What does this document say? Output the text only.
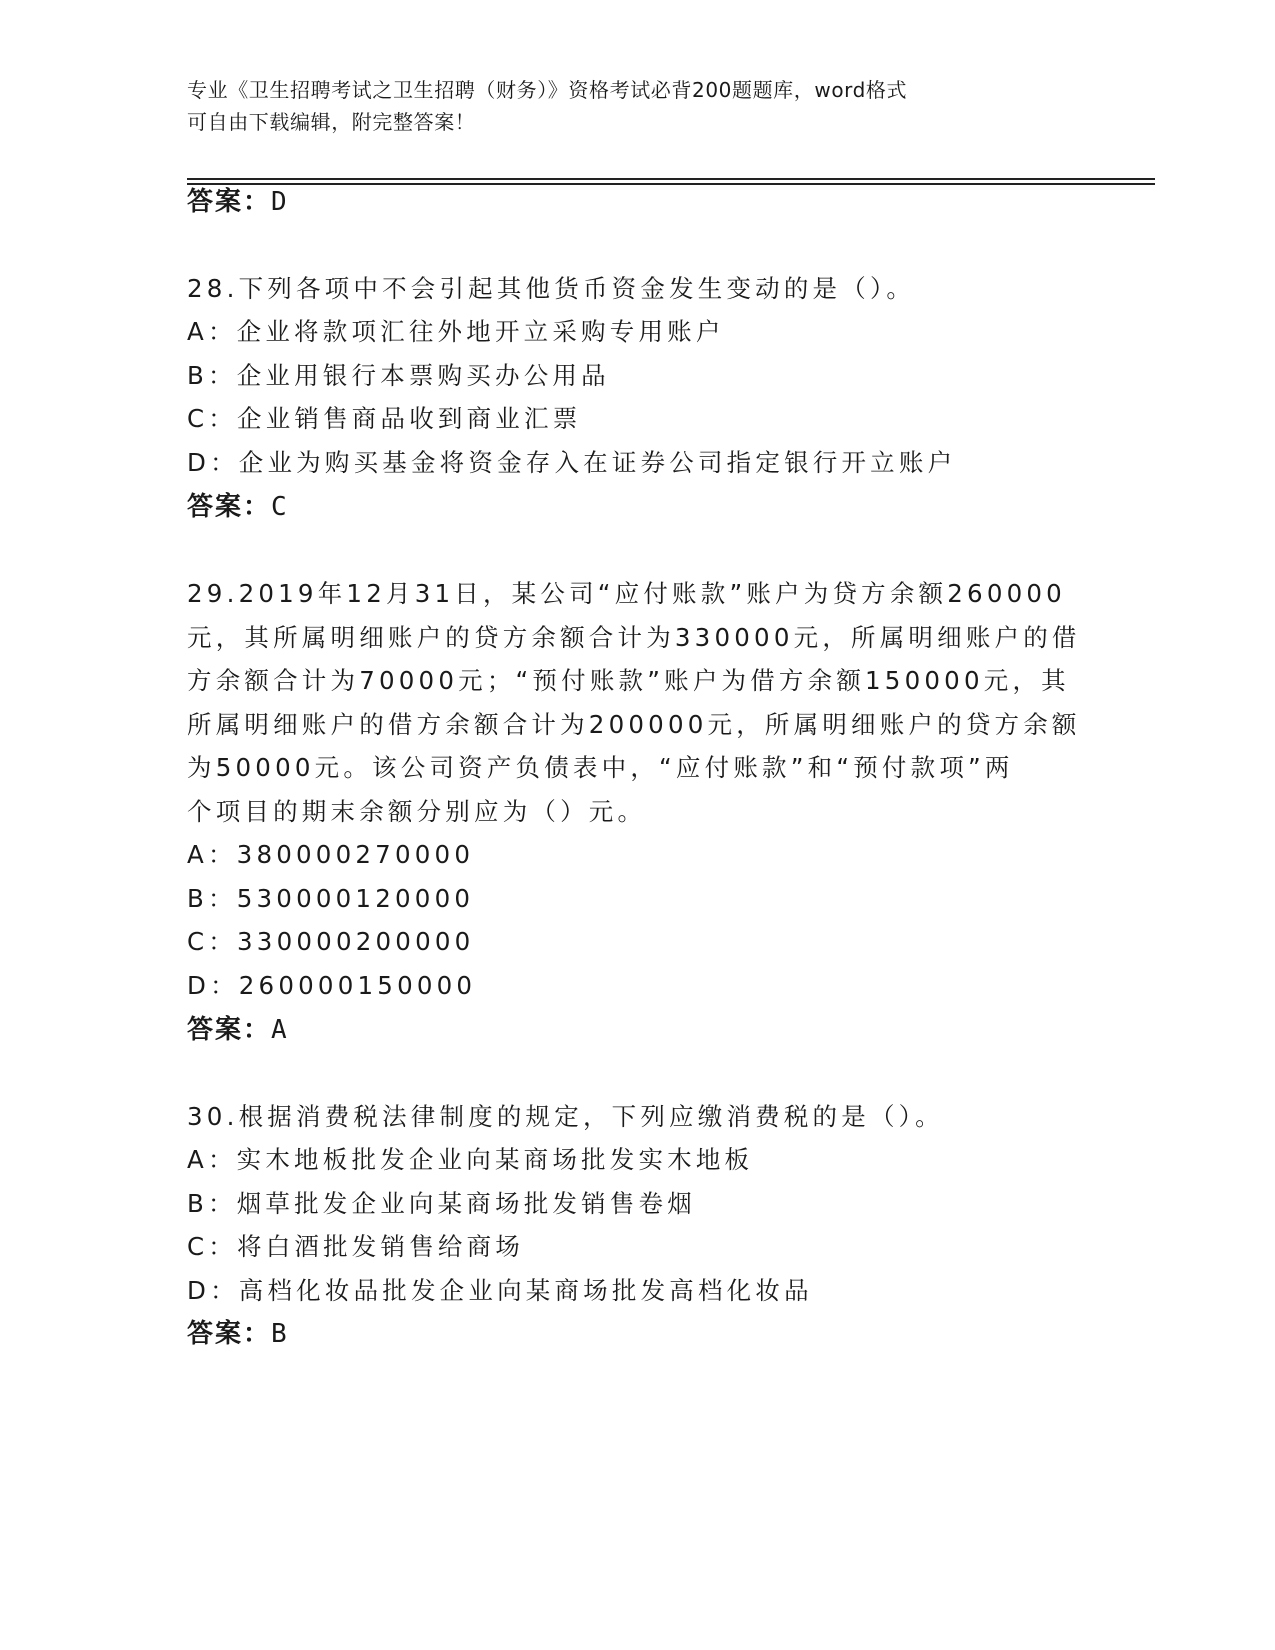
专业《卫生招聘考试之卫生招聘（财务）》资格考试必背200题题库，word格式
可自由下载编辑，附完整答案！
答案：D
28.下列各项中不会引起其他货币资金发生变动的是（）。
A：企业将款项汇往外地开立采购专用账户
B：企业用银行本票购买办公用品
C：企业销售商品收到商业汇票
D：企业为购买基金将资金存入在证券公司指定银行开立账户
答案：C
29.2019年12月31日，某公司“应付账款”账户为贷方余额260000
元，其所属明细账户的贷方余额合计为330000元，所属明细账户的借
方余额合计为70000元；“预付账款”账户为借方余额150000元，其
所属明细账户的借方余额合计为200000元，所属明细账户的贷方余额
为50000元。该公司资产负债表中，“应付账款”和“预付款项”两
个项目的期末余额分别应为（）元。
A：380000270000
B：530000120000
C：330000200000
D：260000150000
答案：A
30.根据消费税法律制度的规定，下列应缴消费税的是（）。
A：实木地板批发企业向某商场批发实木地板
B：烟草批发企业向某商场批发销售卷烟
C：将白酒批发销售给商场
D：高档化妆品批发企业向某商场批发高档化妆品
答案：B
